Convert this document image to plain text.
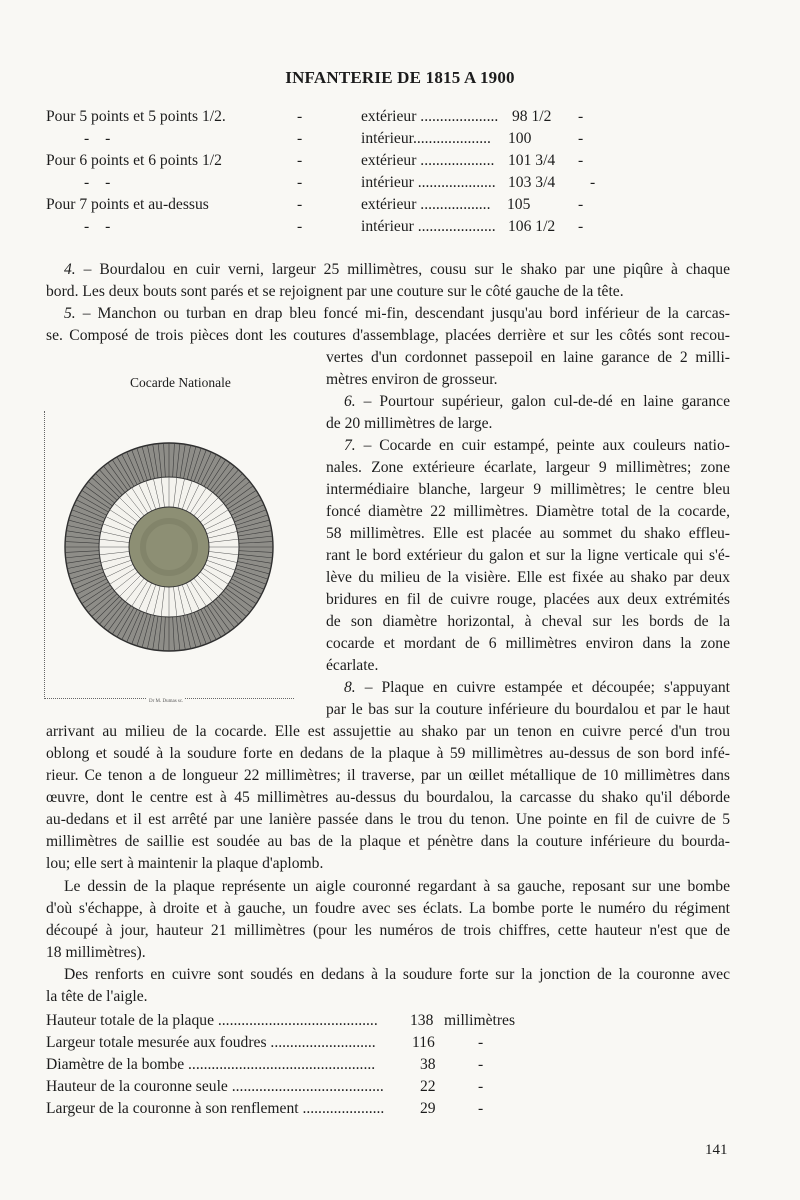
INFANTERIE DE 1815 A 1900
Pour 5 points et 5 points 1/2.	-	extérieur .................... 98 1/2 -
- -	-	intérieur.................... 100	-
Pour 6 points et 6 points 1/2	-	extérieur ................... 101 3/4 -
- -	-	intérieur .................... 103 3/4 -
Pour 7 points et au-dessus	-	extérieur .................. 105	-
- -	-	intérieur .................... 106 1/2 -
4. – Bourdalou en cuir verni, largeur 25 millimètres, cousu sur le shako par une piqûre à chaque
bord. Les deux bouts sont parés et se rejoignent par une couture sur le côté gauche de la tête.
5. – Manchon ou turban en drap bleu foncé mi-fin, descendant jusqu'au bord inférieur de la carcas-
se. Composé de trois pièces dont les coutures d'assemblage, placées derrière et sur les côtés sont recou-
vertes d'un cordonnet passepoil en laine garance de 2 milli-
mètres environ de grosseur.
Cocarde Nationale
Dr M. Dumas sc.
6. – Pourtour supérieur, galon cul-de-dé en laine garance
de 20 millimètres de large.
7. – Cocarde en cuir estampé, peinte aux couleurs natio-
nales. Zone extérieure écarlate, largeur 9 millimètres; zone
intermédiaire blanche, largeur 9 millimètres; le centre bleu
foncé diamètre 22 millimètres. Diamètre total de la cocarde,
58 millimètres. Elle est placée au sommet du shako effleu-
rant le bord extérieur du galon et sur la ligne verticale qui s'é-
lève du milieu de la visière. Elle est fixée au shako par deux
bridures en fil de cuivre rouge, placées aux deux extrémités
de son diamètre horizontal, à cheval sur les bords de la
cocarde et mordant de 6 millimètres environ dans la zone
écarlate.
8. – Plaque en cuivre estampée et découpée; s'appuyant
par le bas sur la couture inférieure du bourdalou et par le haut
arrivant au milieu de la cocarde. Elle est assujettie au shako par un tenon en cuivre percé d'un trou
oblong et soudé à la soudure forte en dedans de la plaque à 59 millimètres au-dessus de son bord infé-
rieur. Ce tenon a de longueur 22 millimètres; il traverse, par un œillet métallique de 10 millimètres dans
œuvre, dont le centre est à 45 millimètres au-dessus du bourdalou, la carcasse du shako qu'il déborde
au-dedans et il est arrêté par une lanière passée dans le trou du tenon. Une pointe en fil de cuivre de 5
millimètres de saillie est soudée au bas de la plaque et pénètre dans la couture inférieure du bourda-
lou; elle sert à maintenir la plaque d'aplomb.
Le dessin de la plaque représente un aigle couronné regardant à sa gauche, reposant sur une bombe
d'où s'échappe, à droite et à gauche, un foudre avec ses éclats. La bombe porte le numéro du régiment
découpé à jour, hauteur 21 millimètres (pour les numéros de trois chiffres, cette hauteur n'est que de
18 millimètres).
Des renforts en cuivre sont soudés en dedans à la soudure forte sur la jonction de la couronne avec
la tête de l'aigle.
Hauteur totale de la plaque .........................................	138 millimètres
Largeur totale mesurée aux foudres ...........................	116	-
Diamètre de la bombe ................................................	38	-
Hauteur de la couronne seule .......................................	22	-
Largeur de la couronne à son renflement .....................	29	-
141
